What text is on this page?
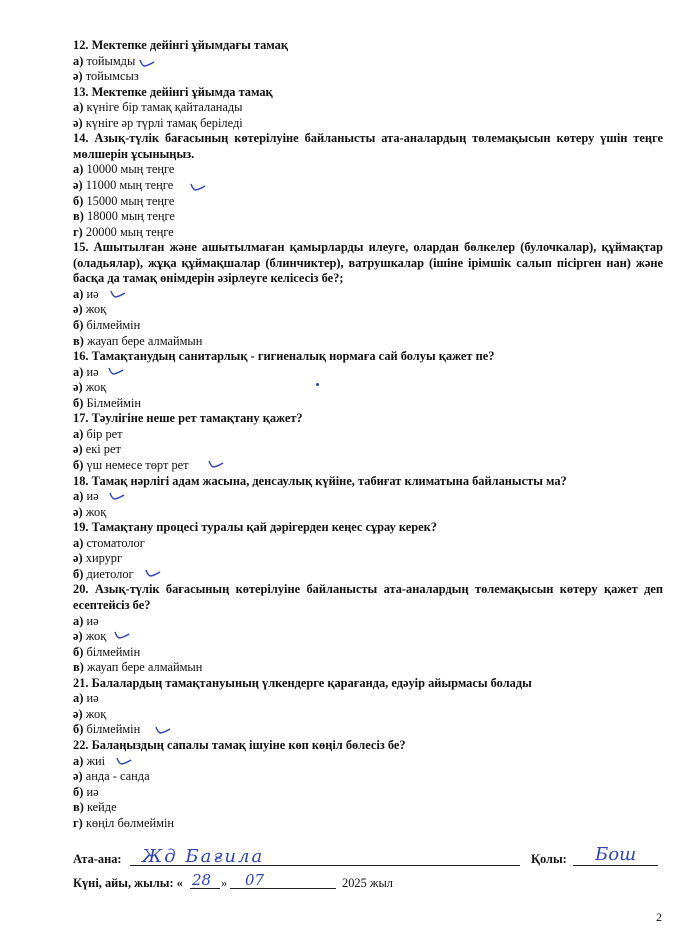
12. Мектепке дейінгі ұйымдағы тамақ
а) тойымды
ә) тойымсыз
13. Мектепке дейінгі ұйымда тамақ
а) күніге бір тамақ қайталанады
ә) күніге әр түрлі тамақ беріледі
14. Азық-түлік бағасының көтерілуіне байланысты ата-аналардың төлемақысын көтеру үшін теңге мөлшерін ұсыныңыз.
а) 10000 мың теңге
ә) 11000 мың теңге
б) 15000 мың теңге
в) 18000 мың теңге
г) 20000 мың теңге
15. Ашытылған және ашытылмаған қамырларды илеуге, олардан бөлкелер (булочкалар), құймақтар (оладьялар), жұқа құймақшалар (блинчиктер), ватрушкалар (ішіне ірімшік салып пісірген нан) және басқа да тамақ өнімдерін әзірлеуге келісесіз бе?;
а) иә
ә) жоқ
б) білмеймін
в) жауап бере алмаймын
16. Тамақтанудың санитарлық - гигиеналық нормаға сай болуы қажет пе?
а) иә
ә) жоқ
б) Білмеймін
17. Тәулігіне неше рет тамақтану қажет?
а) бір рет
ә) екі рет
б) үш немесе төрт рет
18. Тамақ нәрлігі адам жасына, денсаулық күйіне, табиғат климатына байланысты ма?
а) иә
ә) жоқ
19. Тамақтану процесі туралы қай дәрігерден кеңес сұрау керек?
а) стоматолог
ә) хирург
б) диетолог
20. Азық-түлік бағасының көтерілуіне байланысты ата-аналардың төлемақысын көтеру қажет деп есептейсіз бе?
а) иә
ә) жоқ
б) білмеймін
в) жауап бере алмаймын
21. Балалардың тамақтануының үлкендерге қарағанда, едәуір айырмасы болады
а) иә
ә) жоқ
б) білмеймін
22. Балаңыздың сапалы тамақ ішуіне көп көңіл бөлесіз бе?
а) жиі
ә) анда - санда
б) иә
в) кейде
г) көңіл бөлмеймін
2
Ата-ана: Жд Бағила	Қолы: Бош
Күні, айы, жылы: « 28 » 07	2025 жыл
